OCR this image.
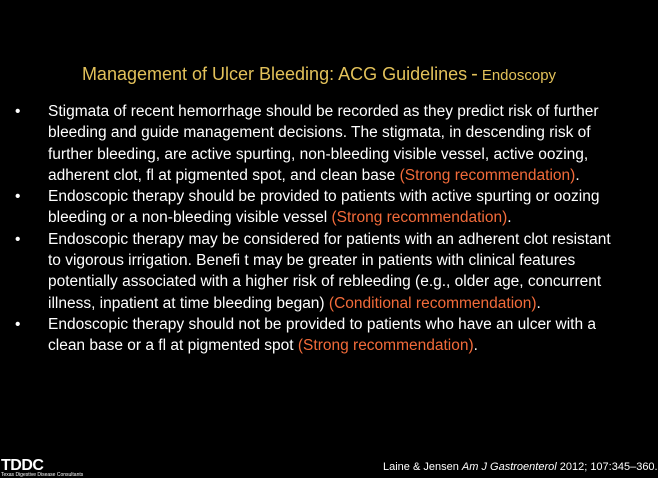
Management of Ulcer Bleeding: ACG Guidelines - Endoscopy
•	Stigmata of recent hemorrhage should be recorded as they predict risk of further bleeding and guide management decisions. The stigmata, in descending risk of further bleeding, are active spurting, non-bleeding visible vessel, active oozing, adherent clot, fl at pigmented spot, and clean base (Strong recommendation).
•	Endoscopic therapy should be provided to patients with active spurting or oozing bleeding or a non-bleeding visible vessel (Strong recommendation).
•	Endoscopic therapy may be considered for patients with an adherent clot resistant to vigorous irrigation. Benefi t may be greater in patients with clinical features potentially associated with a higher risk of rebleeding (e.g., older age, concurrent illness, inpatient at time bleeding began) (Conditional recommendation).
•	Endoscopic therapy should not be provided to patients who have an ulcer with a clean base or a fl at pigmented spot (Strong recommendation).
TDDC
Texas Digestive Disease Consultants
Laine & Jensen Am J Gastroenterol 2012; 107:345–360.
